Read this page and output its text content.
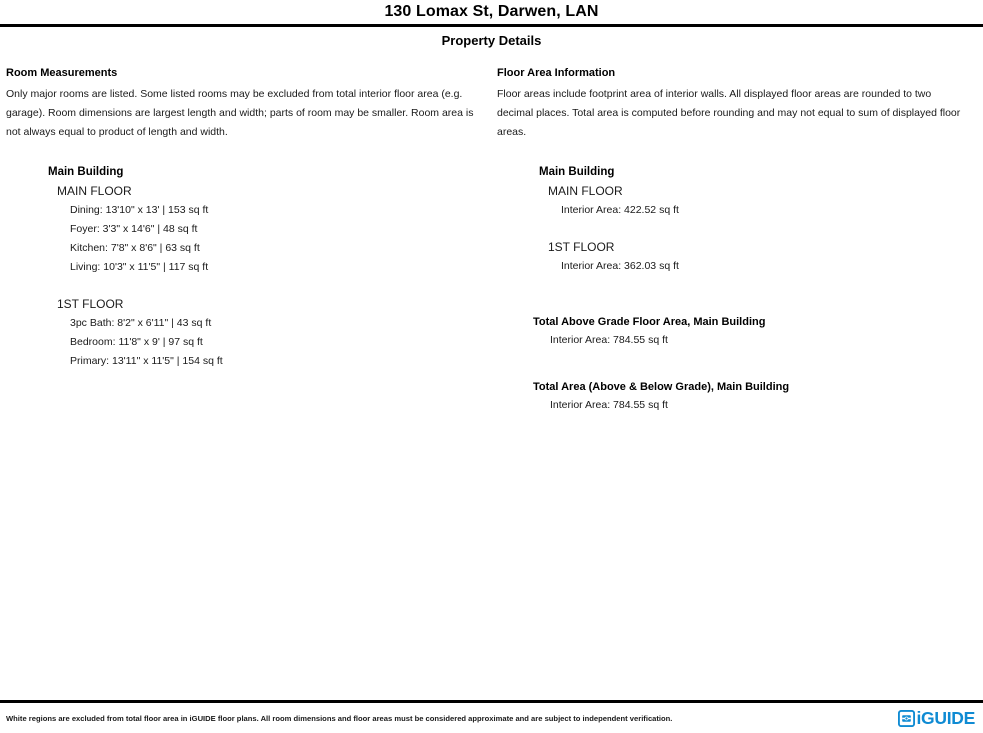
130 Lomax St, Darwen, LAN
Property Details
Room Measurements
Only major rooms are listed. Some listed rooms may be excluded from total interior floor area (e.g. garage). Room dimensions are largest length and width; parts of room may be smaller. Room area is not always equal to product of length and width.
Main Building
MAIN FLOOR
Dining: 13'10" x 13' | 153 sq ft
Foyer: 3'3" x 14'6" | 48 sq ft
Kitchen: 7'8" x 8'6" | 63 sq ft
Living: 10'3" x 11'5" | 117 sq ft
1ST FLOOR
3pc Bath: 8'2" x 6'11" | 43 sq ft
Bedroom: 11'8" x 9' | 97 sq ft
Primary: 13'11" x 11'5" | 154 sq ft
Floor Area Information
Floor areas include footprint area of interior walls. All displayed floor areas are rounded to two decimal places. Total area is computed before rounding and may not equal to sum of displayed floor areas.
Main Building
MAIN FLOOR
Interior Area: 422.52 sq ft
1ST FLOOR
Interior Area: 362.03 sq ft
Total Above Grade Floor Area, Main Building
Interior Area: 784.55 sq ft
Total Area (Above & Below Grade), Main Building
Interior Area: 784.55 sq ft
White regions are excluded from total floor area in iGUIDE floor plans. All room dimensions and floor areas must be considered approximate and are subject to independent verification.	iGUIDE
